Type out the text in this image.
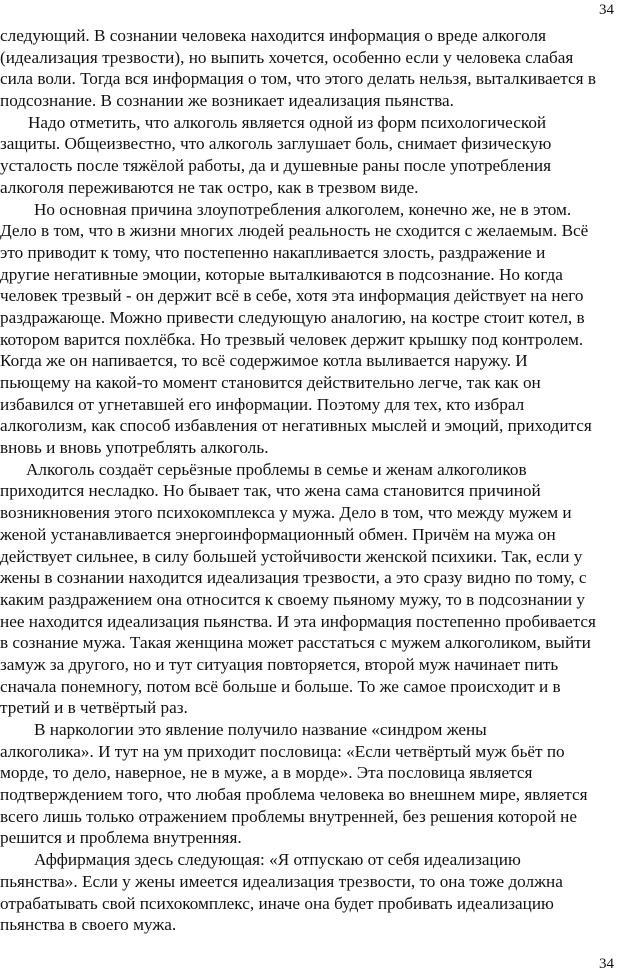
34
следующий. В сознании человека находится информация о вреде алкоголя
(идеализация трезвости), но выпить хочется, особенно если у человека слабая
сила воли. Тогда вся информация о том, что этого делать нельзя, выталкивается в
подсознание. В сознании же возникает идеализация пьянства.
Надо отметить, что алкоголь является одной из форм психологической
защиты. Общеизвестно, что алкоголь заглушает боль, снимает физическую
усталость после тяжёлой работы, да и душевные раны после употребления
алкоголя переживаются не так остро, как в трезвом виде.
Но основная причина злоупотребления алкоголем, конечно же, не в этом.
Дело в том, что в жизни многих людей реальность не сходится с желаемым. Всё
это приводит к тому, что постепенно накапливается злость, раздражение и
другие негативные эмоции, которые выталкиваются в подсознание. Но когда
человек трезвый - он держит всё в себе, хотя эта информация действует на него
раздражающе. Можно привести следующую аналогию, на костре стоит котел, в
котором варится похлёбка. Но трезвый человек держит крышку под контролем.
Когда же он напивается, то всё содержимое котла выливается наружу. И
пьющему на какой-то момент становится действительно легче, так как он
избавился от угнетавшей его информации. Поэтому для тех, кто избрал
алкоголизм, как способ избавления от негативных мыслей и эмоций, приходится
вновь и вновь употреблять алкоголь.
Алкоголь создаёт серьёзные проблемы в семье и женам алкоголиков
приходится несладко. Но бывает так, что жена сама становится причиной
возникновения этого психокомплекса у мужа. Дело в том, что между мужем и
женой устанавливается энергоинформационный обмен. Причём на мужа он
действует сильнее, в силу большей устойчивости женской психики. Так, если у
жены в сознании находится идеализация трезвости, а это сразу видно по тому, с
каким раздражением она относится к своему пьяному мужу, то в подсознании у
нее находится идеализация пьянства. И эта информация постепенно пробивается
в сознание мужа. Такая женщина может расстаться с мужем алкоголиком, выйти
замуж за другого, но и тут ситуация повторяется, второй муж начинает пить
сначала понемногу, потом всё больше и больше. То же самое происходит и в
третий и в четвёртый раз.
В наркологии это явление получило название «синдром жены
алкоголика». И тут на ум приходит пословица: «Если четвёртый муж бьёт по
морде, то дело, наверное, не в муже, а в морде». Эта пословица является
подтверждением того, что любая проблема человека во внешнем мире, является
всего лишь только отражением проблемы внутренней, без решения которой не
решится и проблема внутренняя.
Аффирмация здесь следующая: «Я отпускаю от себя идеализацию
пьянства». Если у жены имеется идеализация трезвости, то она тоже должна
отрабатывать свой психокомплекс, иначе она будет пробивать идеализацию
пьянства в своего мужа.
34
